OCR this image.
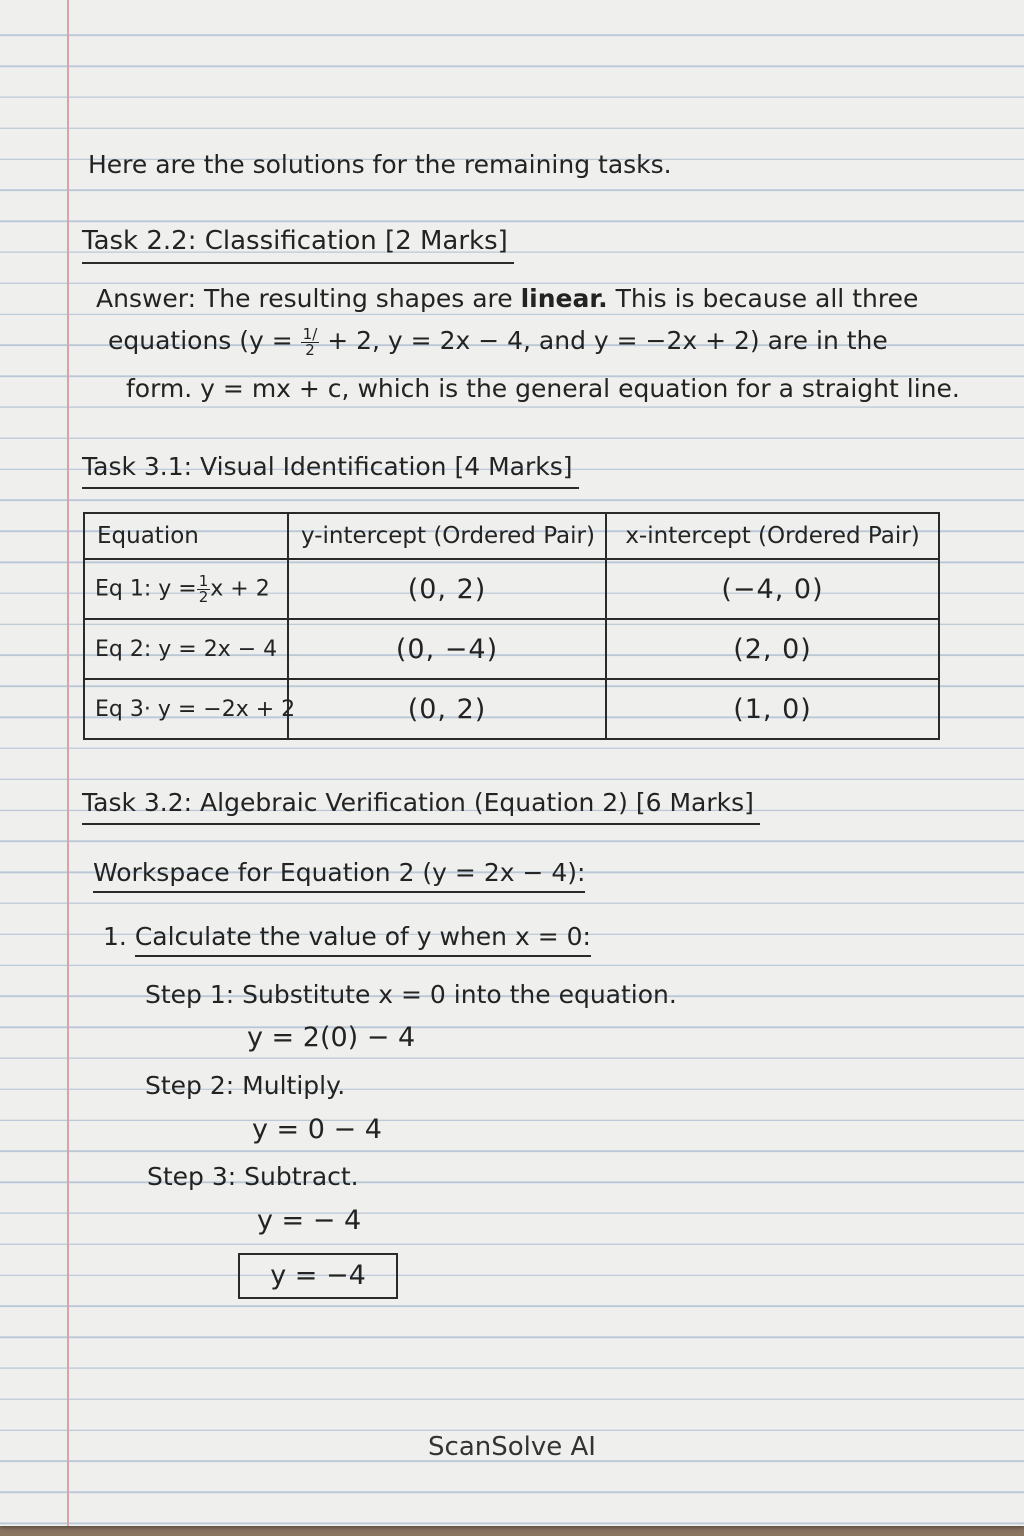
Here are the solutions for the remaining tasks.
Task 2.2: Classification [2 Marks]
Answer: The resulting shapes are linear. This is because all three
equations ($y = \frac{1/}{2} + 2$, y = 2x − 4, and y = −2x + 2) are in the
form. y = mx + c, which is the general equation for a straight line.
Task 3.1: Visual Identification [4 Marks]
Equation	y-intercept (Ordered Pair)	x-intercept (Ordered Pair)
Eq 1: $y = \frac{1}{2}$ x + 2	(0, 2)	(−4, 0)
Eq 2: y = 2x − 4	(0, −4)	(2, 0)
Eq 3· y = −2x + 2	(0, 2)	(1, 0)
Task 3.2: Algebraic Verification (Equation 2) [6 Marks]
Workspace for Equation 2 (y = 2x − 4):
1. Calculate the value of y when x = 0:
Step 1: Substitute x = 0 into the equation.
y = 2(0) − 4
Step 2: Multiply.
y = 0 − 4
Step 3: Subtract.
y = − 4
y = −4
ScanSolve AI
